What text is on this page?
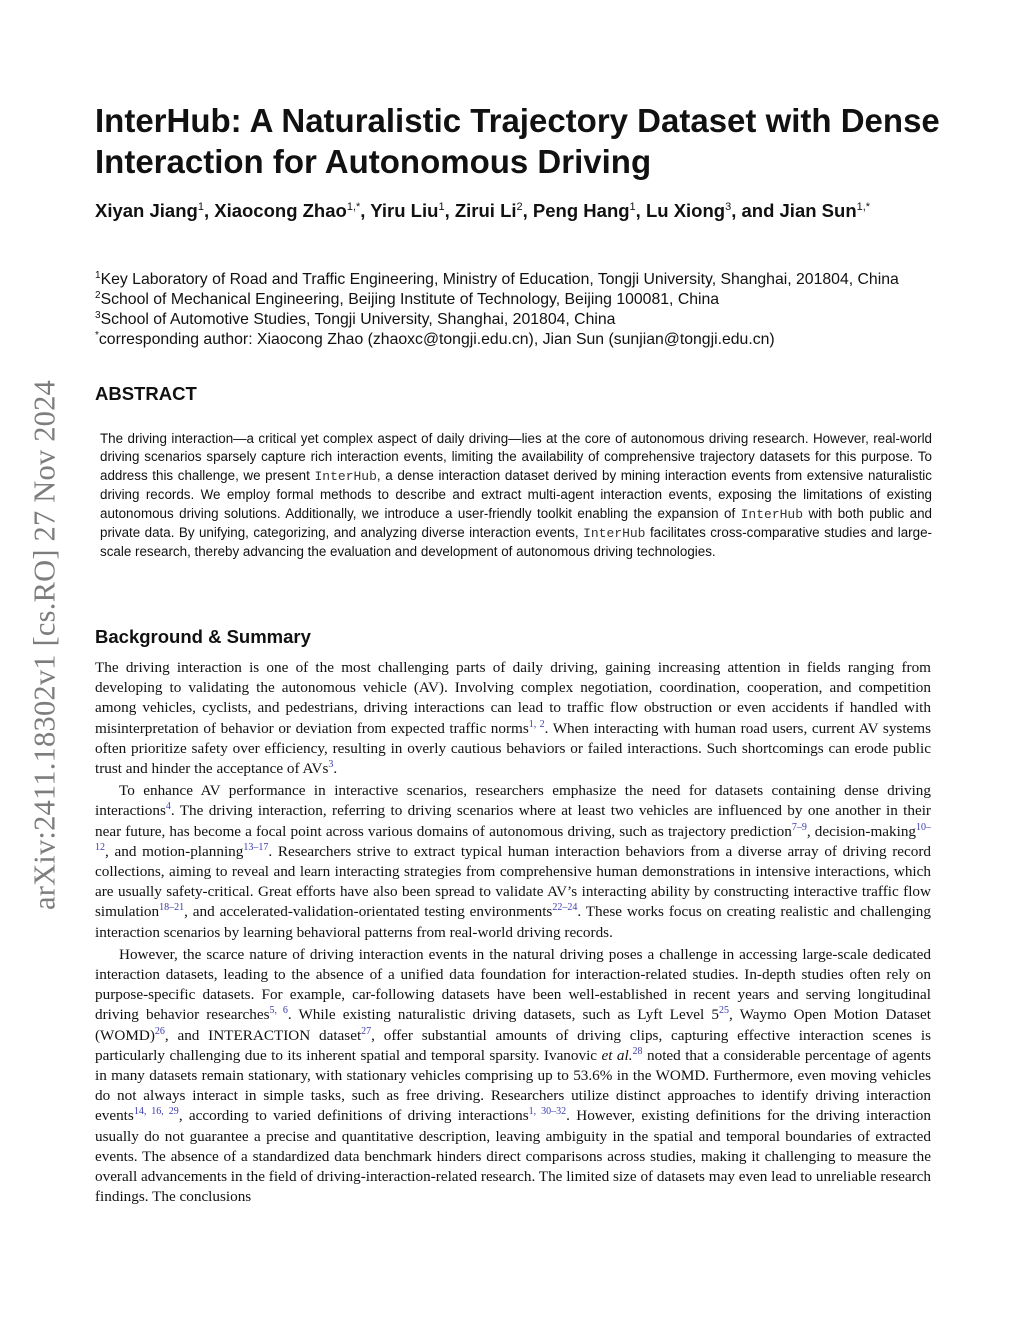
arXiv:2411.18302v1 [cs.RO] 27 Nov 2024
InterHub: A Naturalistic Trajectory Dataset with Dense Interaction for Autonomous Driving
Xiyan Jiang$^1$, Xiaocong Zhao$^{1,*}$, Yiru Liu$^1$, Zirui Li$^2$, Peng Hang$^1$, Lu Xiong$^3$, and Jian Sun$^{1,*}$
$^1$Key Laboratory of Road and Traffic Engineering, Ministry of Education, Tongji University, Shanghai, 201804, China
$^2$School of Mechanical Engineering, Beijing Institute of Technology, Beijing 100081, China
$^3$School of Automotive Studies, Tongji University, Shanghai, 201804, China
*corresponding author: Xiaocong Zhao (zhaoxc@tongji.edu.cn), Jian Sun (sunjian@tongji.edu.cn)
ABSTRACT

The driving interaction—a critical yet complex aspect of daily driving—lies at the core of autonomous driving research. However, real-world driving scenarios sparsely capture rich interaction events, limiting the availability of comprehensive trajectory datasets for this purpose. To address this challenge, we present InterHub, a dense interaction dataset derived by mining interaction events from extensive naturalistic driving records. We employ formal methods to describe and extract multi-agent interaction events, exposing the limitations of existing autonomous driving solutions. Additionally, we introduce a user-friendly toolkit enabling the expansion of InterHub with both public and private data. By unifying, categorizing, and analyzing diverse interaction events, InterHub facilitates cross-comparative studies and large-scale research, thereby advancing the evaluation and development of autonomous driving technologies.

Background & Summary

The driving interaction is one of the most challenging parts of daily driving, gaining increasing attention in fields ranging from developing to validating the autonomous vehicle (AV). Involving complex negotiation, coordination, cooperation, and competition among vehicles, cyclists, and pedestrians, driving interactions can lead to traffic flow obstruction or even accidents if handled with misinterpretation of behavior or deviation from expected traffic norms$^{1, 2}$. When interacting with human road users, current AV systems often prioritize safety over efficiency, resulting in overly cautious behaviors or failed interactions. Such shortcomings can erode public trust and hinder the acceptance of AVs$^3$.

To enhance AV performance in interactive scenarios, researchers emphasize the need for datasets containing dense driving interactions$^4$. The driving interaction, referring to driving scenarios where at least two vehicles are influenced by one another in their near future, has become a focal point across various domains of autonomous driving, such as trajectory prediction$^{7-9}$, decision-making$^{10-12}$, and motion-planning$^{13-17}$. Researchers strive to extract typical human interaction behaviors from a diverse array of driving record collections, aiming to reveal and learn interacting strategies from comprehensive human demonstrations in intensive interactions, which are usually safety-critical. Great efforts have also been spread to validate AV’s interacting ability by constructing interactive traffic flow simulation$^{18-21}$, and accelerated-validation-orientated testing environments$^{22-24}$. These works focus on creating realistic and challenging interaction scenarios by learning behavioral patterns from real-world driving records.

However, the scarce nature of driving interaction events in the natural driving poses a challenge in accessing large-scale dedicated interaction datasets, leading to the absence of a unified data foundation for interaction-related studies. In-depth studies often rely on purpose-specific datasets. For example, car-following datasets have been well-established in recent years and serving longitudinal driving behavior researches$^{5, 6}$. While existing naturalistic driving datasets, such as Lyft Level 5$^{25}$, Waymo Open Motion Dataset (WOMD)$^{26}$, and INTERACTION dataset$^{27}$, offer substantial amounts of driving clips, capturing effective interaction scenes is particularly challenging due to its inherent spatial and temporal sparsity. Ivanovic et al.$^{28}$ noted that a considerable percentage of agents in many datasets remain stationary, with stationary vehicles comprising up to 53.6% in the WOMD. Furthermore, even moving vehicles do not always interact in simple tasks, such as free driving. Researchers utilize distinct approaches to identify driving interaction events$^{14, 16, 29}$, according to varied definitions of driving interactions$^{1, 30-32}$. However, existing definitions for the driving interaction usually do not guarantee a precise and quantitative description, leaving ambiguity in the spatial and temporal boundaries of extracted events. The absence of a standardized data benchmark hinders direct comparisons across studies, making it challenging to measure the overall advancements in the field of driving-interaction-related research. The limited size of datasets may even lead to unreliable research findings. The conclusions
